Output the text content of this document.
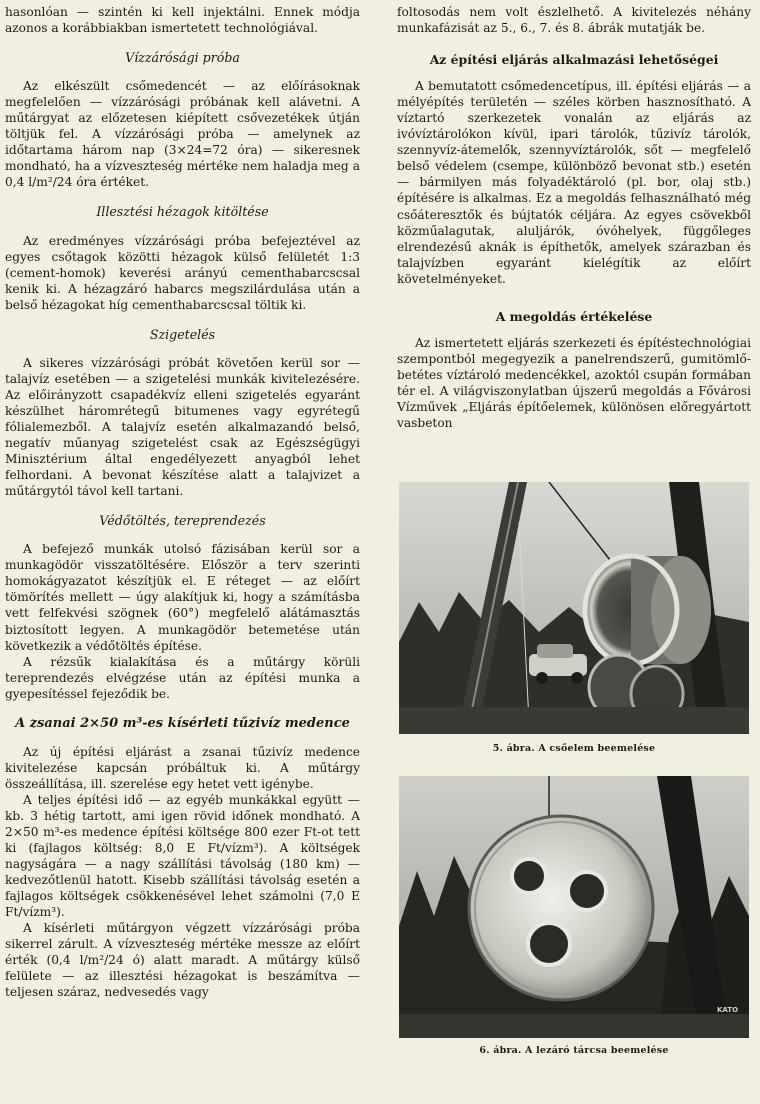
hasonlóan — szintén ki kell injektálni. Ennek módja azonos a korábbiakban ismertetett technológiával.

Vízzárósági próba

Az elkészült csőmedencét — az előírásoknak megfelelően — vízzárósági próbának kell alávetni. A műtárgyat az előzetesen kiépített csővezetékek útján töltjük fel. A vízzárósági próba — amelynek az időtartama három nap (3×24=72 óra) — sikeresnek mondható, ha a vízveszteség mértéke nem haladja meg a 0,4 l/m²/24 óra értéket.

Illesztési hézagok kitöltése

Az eredményes vízzárósági próba befejeztével az egyes csőtagok közötti hézagok külső felületét 1:3 (cement-homok) keverési arányú cementhabarcscsal kenik ki. A hézagzáró habarcs megszilárdulása után a belső hézagokat híg cementhabarcscsal töltik ki.

Szigetelés

A sikeres vízzárósági próbát követően kerül sor — talajvíz esetében — a szigetelési munkák kivitelezésére. Az előirányzott csapadékvíz elleni szigetelés egyaránt készülhet háromrétegű bitumenes vagy egyrétegű fólialemezből. A talajvíz esetén alkalmazandó belső, negatív műanyag szigetelést csak az Egészségügyi Minisztérium által engedélyezett anyagból lehet felhordani. A bevonat készítése alatt a talajvizet a műtárgytól távol kell tartani.

Védőtöltés, tereprendezés

A befejező munkák utolsó fázisában kerül sor a munkagödör visszatöltésére. Először a terv szerinti homokágyazatot készítjük el. E réteget — az előírt tömörítés mellett — úgy alakítjuk ki, hogy a számításba vett felfekvési szögnek (60°) megfelelő alátámasztás biztosított legyen. A munkagödör betemetése után következik a védőtöltés építése.

A rézsűk kialakítása és a műtárgy körüli tereprendezés elvégzése után az építési munka a gyepesítéssel fejeződik be.

A zsanai 2×50 m³-es kísérleti tűzivíz medence

Az új építési eljárást a zsanai tűzivíz medence kivitelezése kapcsán próbáltuk ki. A műtárgy összeállítása, ill. szerelése egy hetet vett igénybe.

A teljes építési idő — az egyéb munkákkal együtt — kb. 3 hétig tartott, ami igen rövid időnek mondható. A 2×50 m³-es medence építési költsége 800 ezer Ft-ot tett ki (fajlagos költség: 8,0 E Ft/vízm³). A költségek nagyságára — a nagy szállítási távolság (180 km) — kedvezőtlenül hatott. Kisebb szállítási távolság esetén a fajlagos költségek csökkenésével lehet számolni (7,0 E Ft/vízm³).

A kísérleti műtárgyon végzett vízzárósági próba sikerrel zárult. A vízveszteség mértéke messze az előírt érték (0,4 l/m²/24 ó) alatt maradt. A műtárgy külső felülete — az illesztési hézagokat is beszámítva — teljesen száraz, nedvesedés vagy

foltosodás nem volt észlelhető. A kivitelezés néhány munkafázisát az 5., 6., 7. és 8. ábrák mutatják be.

Az építési eljárás alkalmazási lehetőségei

A bemutatott csőmedencetípus, ill. építési eljárás — a mélyépítés területén — széles körben hasznosítható. A víztartó szerkezetek vonalán az eljárás az ivóvíztárolókon kívül, ipari tárolók, tűzivíz tárolók, szennyvíz-átemelők, szennyvíztárolók, sőt — megfelelő belső védelem (csempe, különböző bevonat stb.) esetén — bármilyen más folyadéktároló (pl. bor, olaj stb.) építésére is alkalmas. Ez a megoldás felhasználható még csőáteresztők és bújtatók céljára. Az egyes csövekből közműalagutak, aluljárók, óvóhelyek, függőleges elrendezésű aknák is építhetők, amelyek szárazban és talajvízben egyaránt kielégítik az előírt követelményeket.

A megoldás értékelése

Az ismertetett eljárás szerkezeti és építéstechnológiai szempontból megegyezik a panelrendszerű, gumitömlő-betétes víztároló medencékkel, azoktól csupán formában tér el. A világviszonylatban újszerű megoldás a Fővárosi Vízművek „Eljárás építőelemek, különösen előregyártott vasbeton

5. ábra. A csőelem beemelése
KATO
6. ábra. A lezáró tárcsa beemelése
